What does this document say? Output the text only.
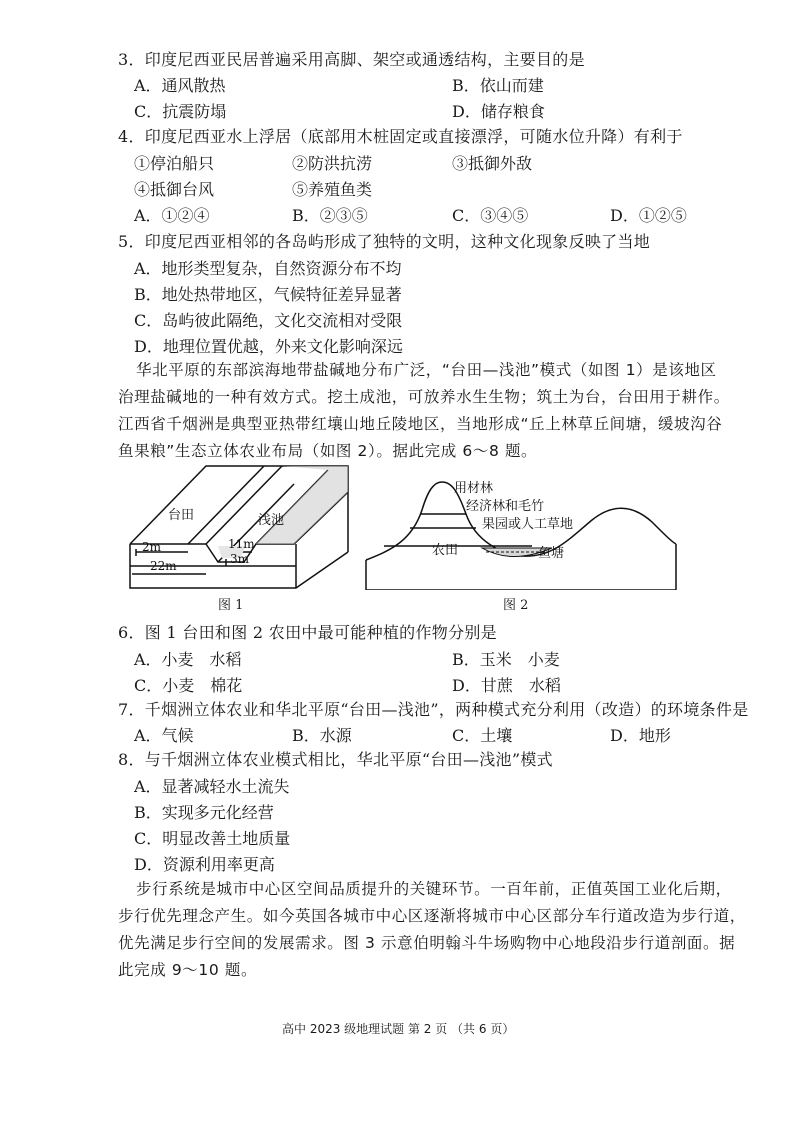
3．印度尼西亚民居普遍采用高脚、架空或通透结构，主要目的是
A．通风散热	B．依山而建
C．抗震防塌	D．储存粮食
4．印度尼西亚水上浮居（底部用木桩固定或直接漂浮，可随水位升降）有利于
①停泊船只	②防洪抗涝	③抵御外敌
④抵御台风	⑤养殖鱼类
A．①②④	B．②③⑤	C．③④⑤	D．①②⑤
5．印度尼西亚相邻的各岛屿形成了独特的文明，这种文化现象反映了当地
A．地形类型复杂，自然资源分布不均
B．地处热带地区，气候特征差异显著
C．岛屿彼此隔绝，文化交流相对受限
D．地理位置优越，外来文化影响深远
华北平原的东部滨海地带盐碱地分布广泛，“台田—浅池”模式（如图 1）是该地区
治理盐碱地的一种有效方式。挖土成池，可放养水生生物；筑土为台，台田用于耕作。
江西省千烟洲是典型亚热带红壤山地丘陵地区，当地形成“丘上林草丘间塘，缓坡沟谷
鱼果粮”生态立体农业布局（如图 2）。据此完成 6～8 题。
台田	浅池
2m
22m
11m
3m
图 1
用材林
经济林和毛竹
果园或人工草地
农田	鱼塘
图 2
6．图 1 台田和图 2 农田中最可能种植的作物分别是
A．小麦　水稻	B．玉米　小麦
C．小麦　棉花	D．甘蔗　水稻
7．千烟洲立体农业和华北平原“台田—浅池”，两种模式充分利用（改造）的环境条件是
A．气候	B．水源	C．土壤	D．地形
8．与千烟洲立体农业模式相比，华北平原“台田—浅池”模式
A．显著减轻水土流失
B．实现多元化经营
C．明显改善土地质量
D．资源利用率更高
步行系统是城市中心区空间品质提升的关键环节。一百年前，正值英国工业化后期，
步行优先理念产生。如今英国各城市中心区逐渐将城市中心区部分车行道改造为步行道，
优先满足步行空间的发展需求。图 3 示意伯明翰斗牛场购物中心地段沿步行道剖面。据
此完成 9～10 题。
高中 2023 级地理试题 第 2 页 （共 6 页）
